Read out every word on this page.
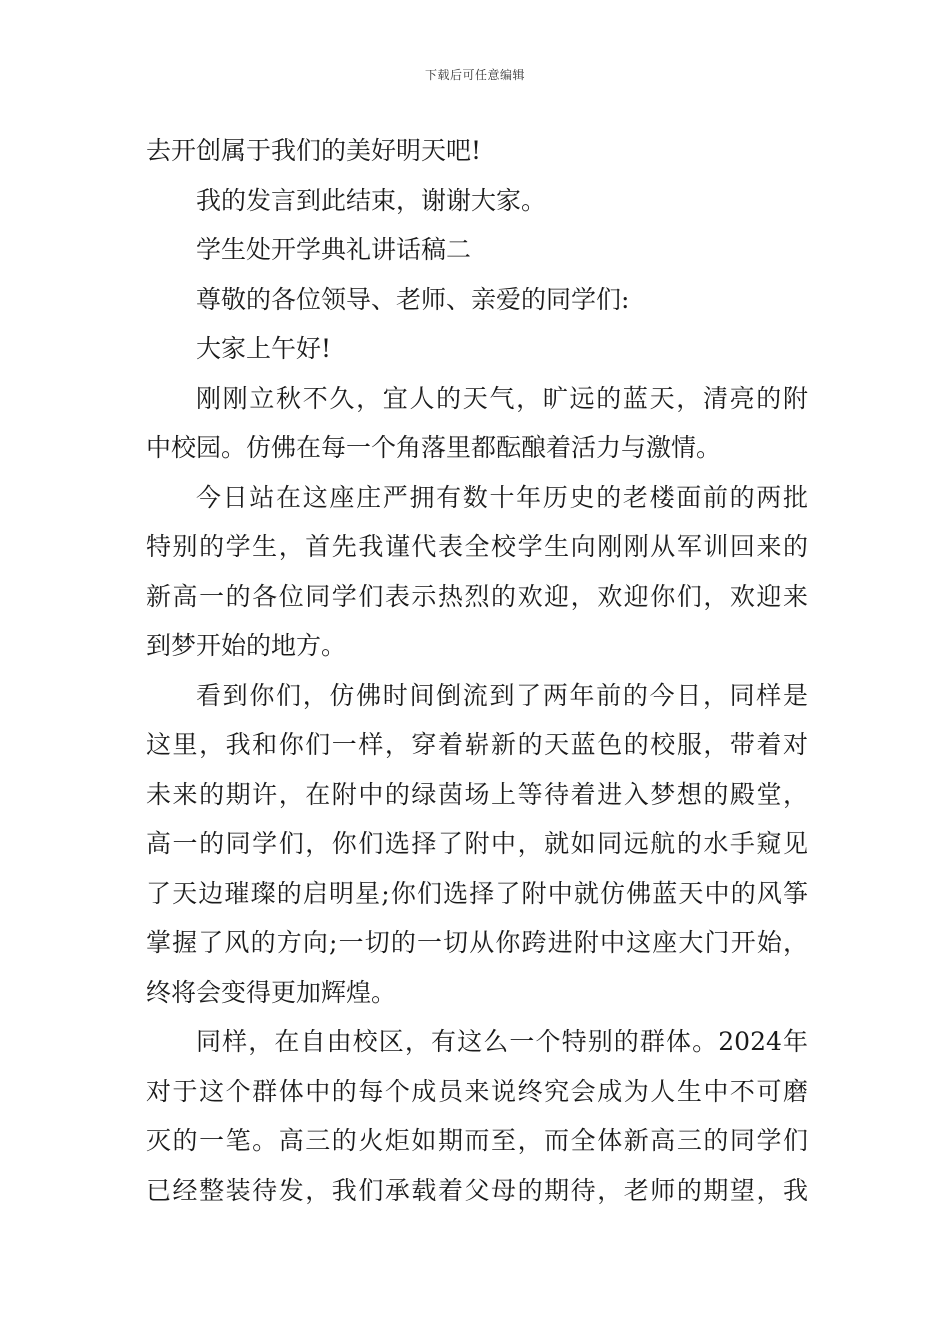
下载后可任意编辑
去开创属于我们的美好明天吧!
我的发言到此结束，谢谢大家。
学生处开学典礼讲话稿二
尊敬的各位领导、老师、亲爱的同学们:
大家上午好!
刚刚立秋不久，宜人的天气，旷远的蓝天，清亮的附
中校园。仿佛在每一个角落里都酝酿着活力与激情。
今日站在这座庄严拥有数十年历史的老楼面前的两批
特别的学生，首先我谨代表全校学生向刚刚从军训回来的
新高一的各位同学们表示热烈的欢迎，欢迎你们，欢迎来
到梦开始的地方。
看到你们，仿佛时间倒流到了两年前的今日，同样是
这里，我和你们一样，穿着崭新的天蓝色的校服，带着对
未来的期许，在附中的绿茵场上等待着进入梦想的殿堂，
高一的同学们，你们选择了附中，就如同远航的水手窥见
了天边璀璨的启明星;你们选择了附中就仿佛蓝天中的风筝
掌握了风的方向;一切的一切从你跨进附中这座大门开始，
终将会变得更加辉煌。
同样，在自由校区，有这么一个特别的群体。2024年
对于这个群体中的每个成员来说终究会成为人生中不可磨
灭的一笔。高三的火炬如期而至，而全体新高三的同学们
已经整装待发，我们承载着父母的期待，老师的期望，我
